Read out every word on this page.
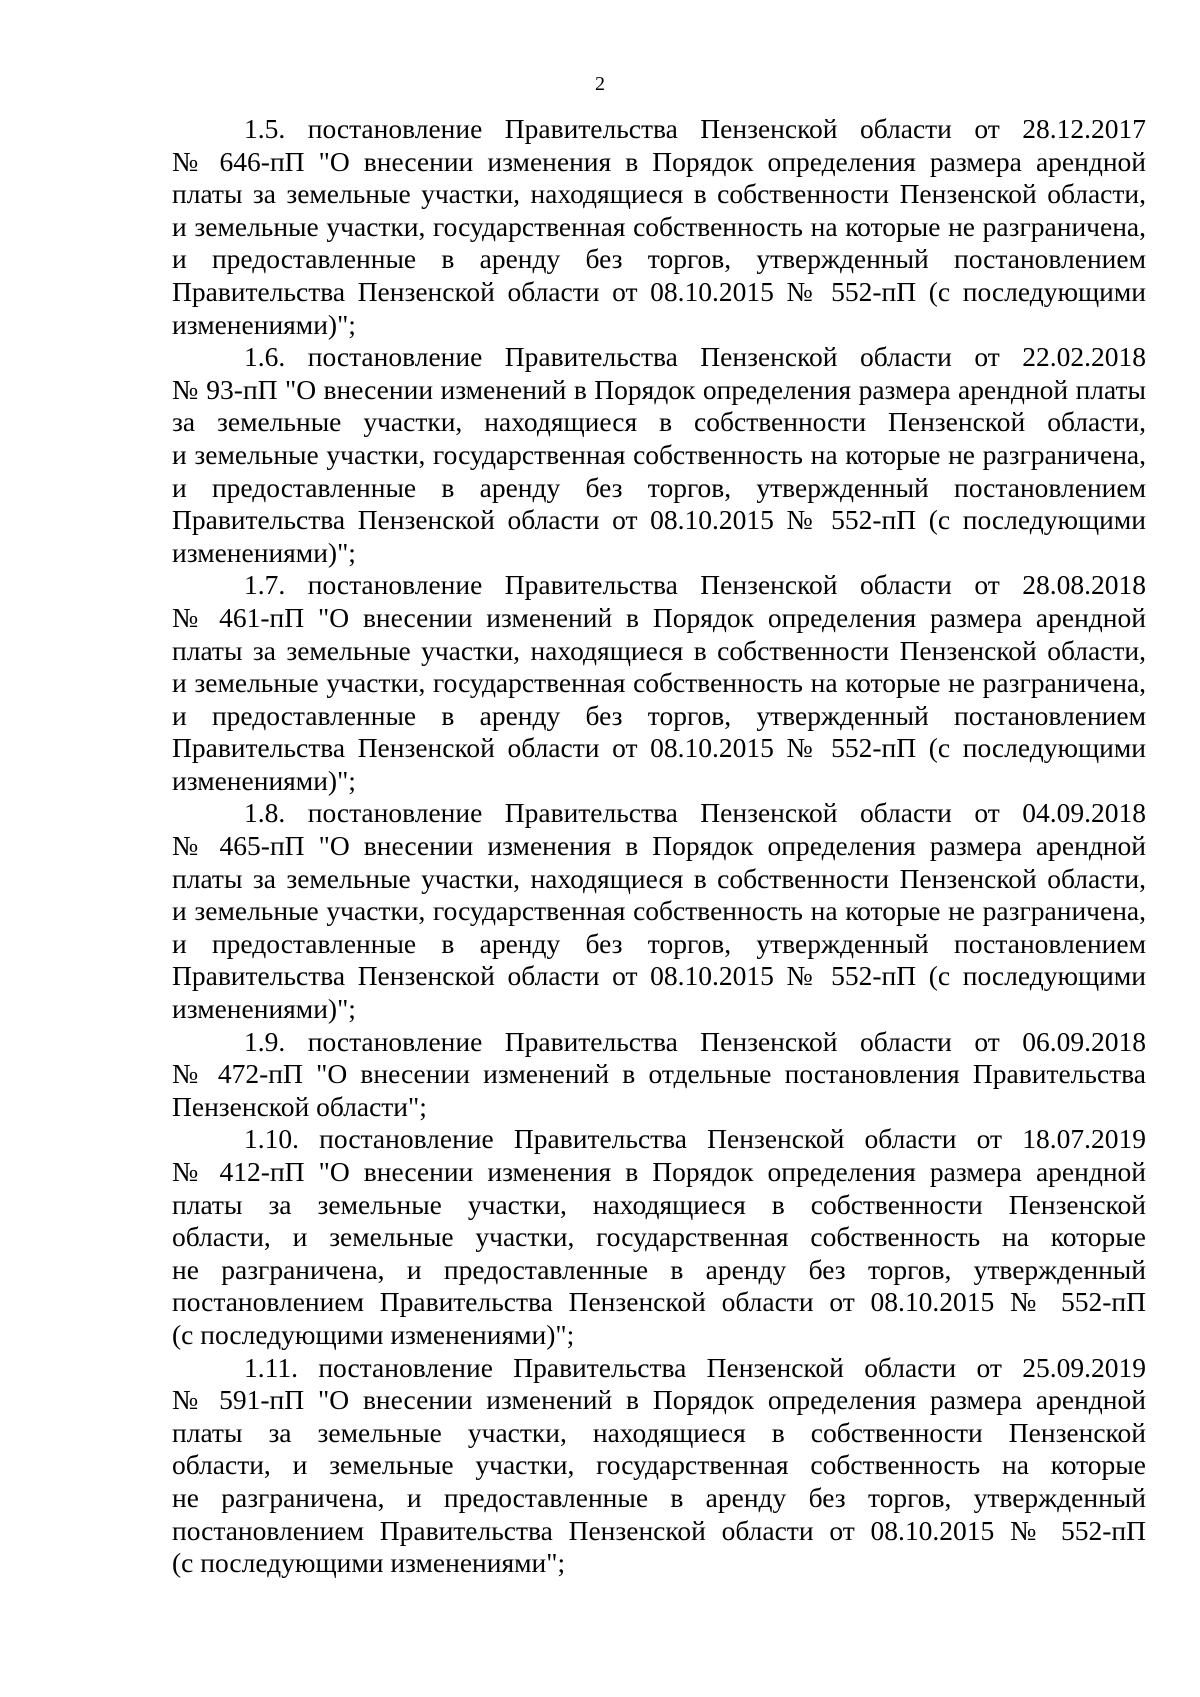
2
1.5. постановление Правительства Пензенской области от 28.12.2017
№ 646-пП "О внесении изменения в Порядок определения размера арендной
платы за земельные участки, находящиеся в собственности Пензенской области,
и земельные участки, государственная собственность на которые не разграничена,
и предоставленные в аренду без торгов, утвержденный постановлением
Правительства Пензенской области от 08.10.2015 № 552-пП (с последующими
изменениями)";
1.6. постановление Правительства Пензенской области от 22.02.2018
№ 93-пП "О внесении изменений в Порядок определения размера арендной платы
за земельные участки, находящиеся в собственности Пензенской области,
и земельные участки, государственная собственность на которые не разграничена,
и предоставленные в аренду без торгов, утвержденный постановлением
Правительства Пензенской области от 08.10.2015 № 552-пП (с последующими
изменениями)";
1.7. постановление Правительства Пензенской области от 28.08.2018
№ 461-пП "О внесении изменений в Порядок определения размера арендной
платы за земельные участки, находящиеся в собственности Пензенской области,
и земельные участки, государственная собственность на которые не разграничена,
и предоставленные в аренду без торгов, утвержденный постановлением
Правительства Пензенской области от 08.10.2015 № 552-пП (с последующими
изменениями)";
1.8. постановление Правительства Пензенской области от 04.09.2018
№ 465-пП "О внесении изменения в Порядок определения размера арендной
платы за земельные участки, находящиеся в собственности Пензенской области,
и земельные участки, государственная собственность на которые не разграничена,
и предоставленные в аренду без торгов, утвержденный постановлением
Правительства Пензенской области от 08.10.2015 № 552-пП (с последующими
изменениями)";
1.9. постановление Правительства Пензенской области от 06.09.2018
№ 472-пП "О внесении изменений в отдельные постановления Правительства
Пензенской области";
1.10. постановление Правительства Пензенской области от 18.07.2019
№ 412-пП "О внесении изменения в Порядок определения размера арендной
платы за земельные участки, находящиеся в собственности Пензенской
области, и земельные участки, государственная собственность на которые
не разграничена, и предоставленные в аренду без торгов, утвержденный
постановлением Правительства Пензенской области от 08.10.2015 № 552-пП
(с последующими изменениями)";
1.11. постановление Правительства Пензенской области от 25.09.2019
№ 591-пП "О внесении изменений в Порядок определения размера арендной
платы за земельные участки, находящиеся в собственности Пензенской
области, и земельные участки, государственная собственность на которые
не разграничена, и предоставленные в аренду без торгов, утвержденный
постановлением Правительства Пензенской области от 08.10.2015 № 552-пП
(с последующими изменениями";
